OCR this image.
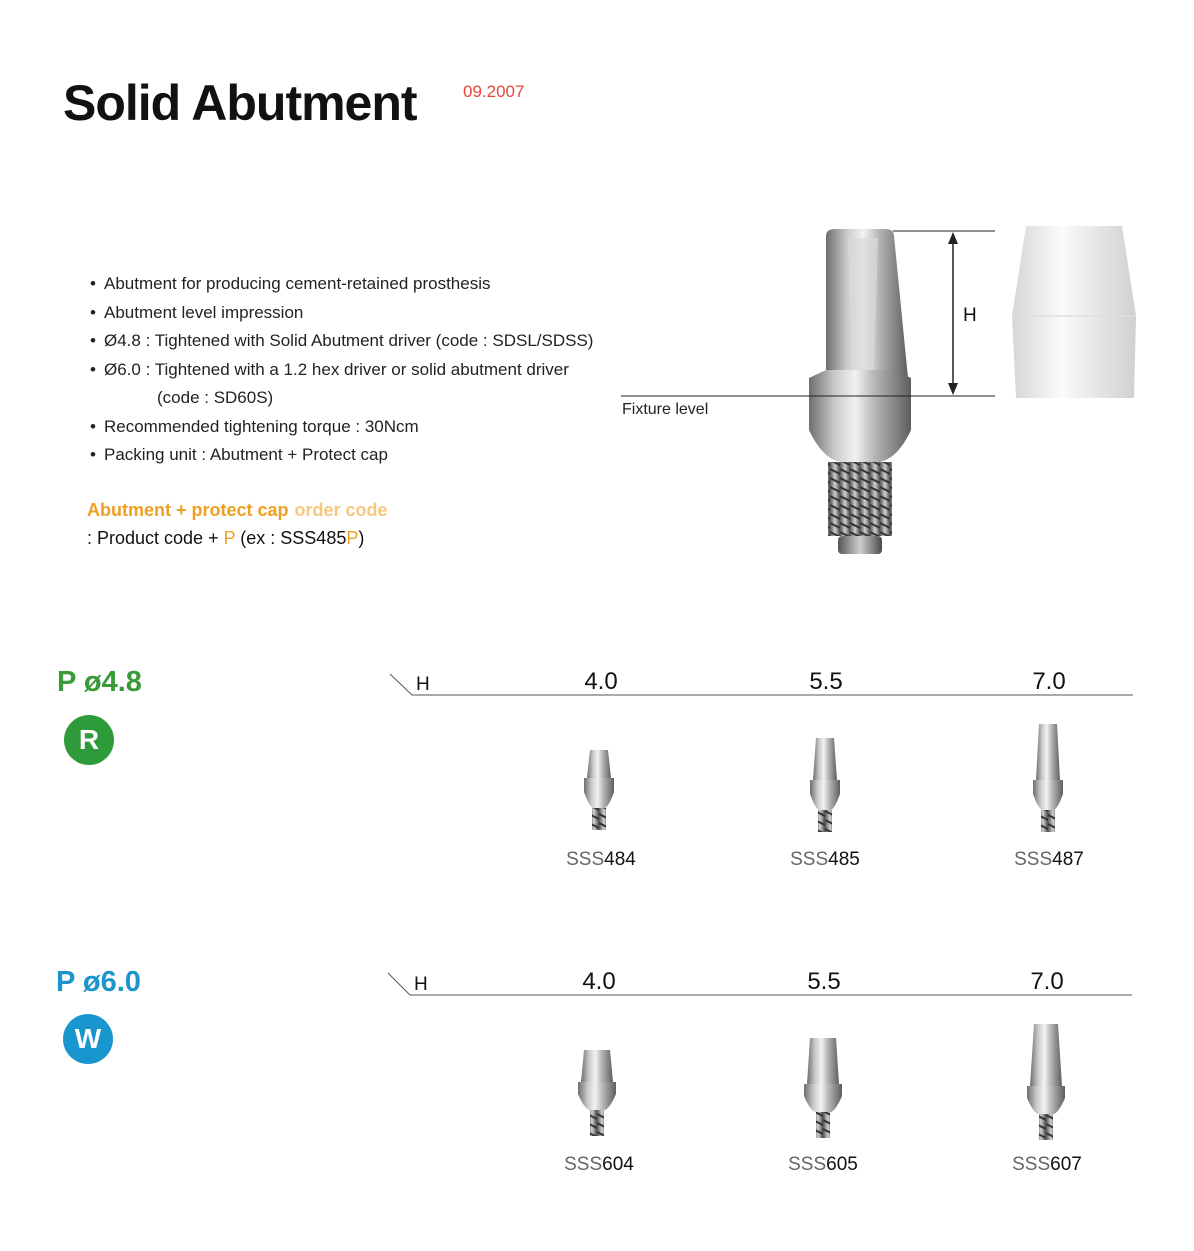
Solid Abutment	09.2007
• Abutment for producing cement-retained prosthesis
• Abutment level impression
• Ø4.8 : Tightened with Solid Abutment driver (code : SDSL/SDSS)
• Ø6.0 : Tightened with a 1.2 hex driver or solid abutment driver
(code : SD60S)
• Recommended tightening torque : 30Ncm
• Packing unit : Abutment + Protect cap
Abutment + protect cap order code
: Product code + P (ex : SSS485P)
H
Fixture level
P ø4.8
R
H	4.0	5.5	7.0
SSS484	SSS485	SSS487
P ø6.0
W
H	4.0	5.5	7.0
SSS604	SSS605	SSS607
